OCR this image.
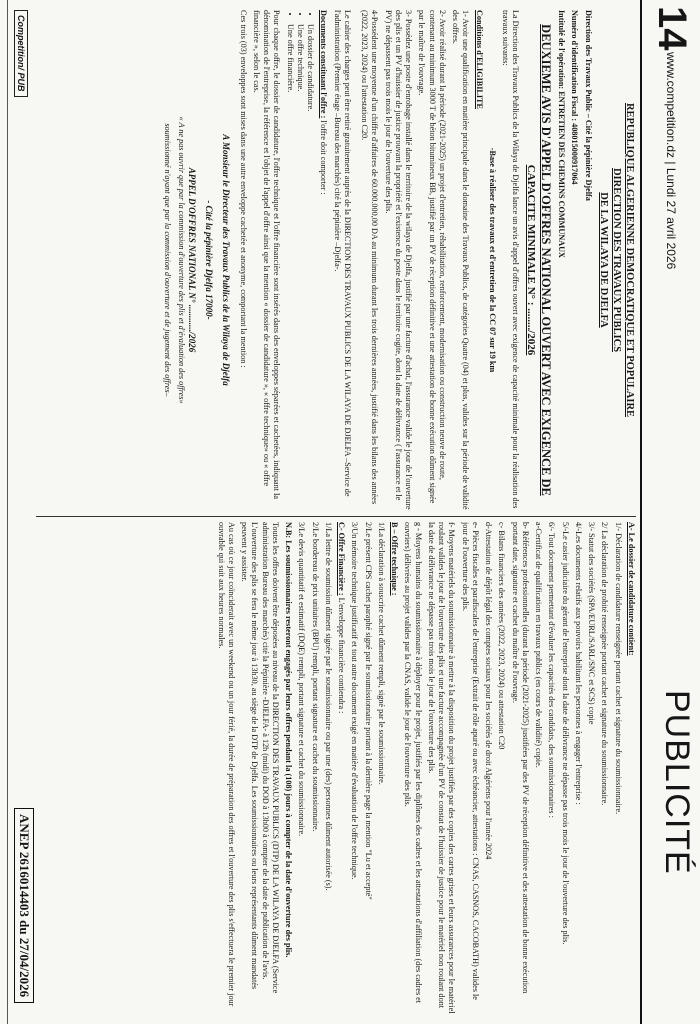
14
www.competition.dz | Lundi 27 avril 2026
PUBLICITÉ

REPUBLIQUE ALGERIENNE DEMOCRATIQUE ET POPULAIRE

DIRECTION DES TRAVAUX PUBLICS

DE LA WILAYA DE DJELFA

Direction des Travaux Public – Cité la pépinière Djelfa

Numéro d'identification Fiscal : 408015000917064

Intitulé de l'opération: ENTRETIEN DES CHEMINS COMMUNAUX

DEUXIEME AVIS D'APPEL D'OFFRES NATIONAL OUVERT AVEC EXIGENCE DE

CAPACITE MINIMALE N° : ......../2026

La Direction des Travaux Publics de la Wilaya de Djelfa lance un avis d'appel d'offres ouvert avec exigence de capacité minimale pour la réalisation des travaux suivants:

-Base à réaliser des travaux et d'entretien de la CC 07 sur 19 km

Conditions d'ELIGIBILITE

1- Avoir une qualification en matière principale dans le domaine des Travaux Publics, de catégories Quatre (04) et plus, valides sur la période de validité des offres.

2- Avoir réalisé durant la période (2021-2025) un projet d'entretien, réhabilitation, renforcement, modernisation ou construction neuve de route, contenant au minimum 3000 T de béton bitumineux BB, justifié par un PV de réception définitive et une attestation de bonne exécution dûment signée par le maître de l'ouvrage.

3- Possédez une poste d'enrobage installé dans le territoire de la wilaya de Djelfa, justifié par une facture d'achat, l'assurance valide le jour de l'ouverture des plis et un PV d'huissier de justice prouvant la propriété et l'existence du poste dans le territoire cogite, dont la date de délivrance ( l'assurance et le PV) ne dépassent pas trois mois le jour de l'ouverture des plis.

4-Possédent une moyenne d'un chiffre d'affaires de 60.000.000,00 DA au minimum durant les trois dernières années, justifié dans les bilans des années (2022, 2023, 2024) ou l'attestation C20.

Le cahier des charges peut être retiré gratuitement auprès de la DIRECTION DES TRAVAUX PUBLICS DE LA WILAYA DE DJELFA –Service de l'administration (Premier étage –Bureau des marchés) cité la pépinière –Djelfa-.

Documents constituant l'offre : l'offre doit comporter :

• Un dossier de candidature.
• Une offre technique.
• Une offre financière.

Pour chaque offre, le dossier de candidature, l'offre technique et l'offre financière sont insérés dans des enveloppes séparées et cachetées, indiquant la dénomination de l'entreprise, la référence et l'objet de l'appel d'offre ainsi que la mention « dossier de candidature », « offre technique» ou « offre financière », selon le cas.

Ces trois (03) enveloppes sont mises dans une autre enveloppe cachetée et anonyme, comportant la mention :

A Monsieur le Directeur des Travaux Publics de la Wilaya de Djelfa

- Cité la pépinière Djelfa 17000-

APPEL D'OFFRES NATIONAL N° ............/2026

« A ne pas ouvrir que par la commission d'ouverture des plis et d'évaluation des offres»

soumissionné n'ayant que par la commission d'ouverture et de jugement des offres–

A- Le dossier de candidature contient:

1/- Déclaration de candidature renseignée portant cachet et signature du soumissionnaire.

2/ La déclaration de probité renseignée portant cachet et signature du soumissionnaire.

3/- Statut des sociétés (SPA/EURL/SARL/SNC et SCS) copie

4/-Les documents relatifs aux pouvoirs habilitant les personnes à engager l'entreprise :

5/-Le casier judiciaire du gérant de l'entreprise dont la date de délivrance ne dépasse pas trois mois le jour de l'ouverture des plis.

6/- Tout document permettant d'évaluer les capacités des candidats, des soumissionnaires :

a-Certificat de qualification en travaux publics (en cours de validité) copie.

b- Références professionnelles (durant la période (2021-2025) justifiées par des PV de réception définitive et des attestation de bonne exécution portant date, signature et cachet du maître de l'ouvrage.

c- Bilans financiers des années (2022, 2023, 2024) ou attestation C20

d-Attestation de dépôt légal des comptes sociaux pour les sociétés de droit Algériens pour l'année 2024

e- Pièces fiscales et parafiscales de l'entreprise (Extrait de rôle apuré ou avec échéancier, attestations : CNAS, CASNOS, CACOBATH) valides le jour de l'ouverture des plis.

f- Moyens matériels du soumissionnaire à mettre à la disposition du projet justifiés par des copies des cartes grises et leurs assurances pour le matériel roulant valides le jour de l'ouverture des plis et une facture accompagnée d'un PV de constat de l'huissier de justice pour le matériel non roulant dont la date de délivrance ne dépasse pas trois mois le jour de l'ouverture des plis.

g - Moyens humains du soumissionnaire à déployer pour le projet, justifiés par les diplômes des cadres et les attestations d'affiliation (des cadres et ouvriers) délivrées au projet valides par la CNAS, valide le jour de l'ouverture des plis.

B – Offre technique :

1/La déclaration à souscrire cachet dûment rempli, signé par le soumissionnaire.

2/Le présent CPS cachet paraphé signé par le soumissionnaire portant à la dernière page la mention "Lu et accepté"

3/Un mémoire technique justificatif et tout autre document exigé en matière d'évaluation de l'offre technique.

C- Offre Financière : L'enveloppe financière contiendra :

1/La lettre de soumission dûment signée par le soumissionnaire ou par une (des) personnes dûment autorisée (s).

2/Le bordereau de prix unitaires (BPU) rempli, portant signature et cachet du soumissionnaire.

3/Le devis quantitatif et estimatif (DQE) rempli, portant signature et cachet du soumissionnaire.

N.B: Les soumissionnaires resteront engagés par leurs offres pendant la (108) jours à compter de la date d'ouverture des plis.

Toutes les offres doivent être déposées au niveau de la DIRECTION DES TRAVAUX PUBLICS (DTP) DE LA WILAYA DE DJELFA (Service administration Bureau des marchés) cité la Pépinière -DJELFA- à 12h (midi) du DOD à 13h00 à compter de la date de publication de l'avis. L'ouverture des plis se fera le même jour à 13h30, au siège de la DTP de Djelfa. Les soumissionnaires ou leurs représentants dûment mandatés peuvent y assister.

Au cas où ce jour coïnciderait avec un weekend ou un jour férié, la durée de préparation des offres et l'ouverture des plis s'effectuera le premier jour ouvrable qui suit aux heures normales.

Competition/ PUB
ANEP 2616014403 du 27/04/2026
